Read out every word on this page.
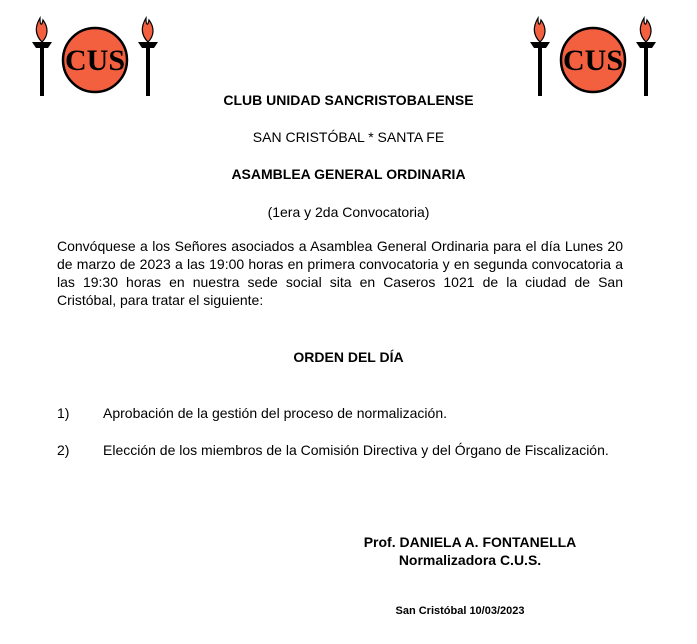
CUS	CUS
CLUB UNIDAD SANCRISTOBALENSE
SAN CRISTÓBAL * SANTA FE
ASAMBLEA GENERAL ORDINARIA
(1era y 2da Convocatoria)
Convóquese a los Señores asociados a Asamblea General Ordinaria para el día Lunes 20 de marzo de 2023 a las 19:00 horas en primera convocatoria y en segunda convocatoria a las 19:30 horas en nuestra sede social sita en Caseros 1021 de la ciudad de San Cristóbal, para tratar el siguiente:
ORDEN DEL DÍA
1) Aprobación de la gestión del proceso de normalización.
2) Elección de los miembros de la Comisión Directiva y del Órgano de Fiscalización.
Prof. DANIELA A. FONTANELLA
Normalizadora C.U.S.
San Cristóbal 10/03/2023
